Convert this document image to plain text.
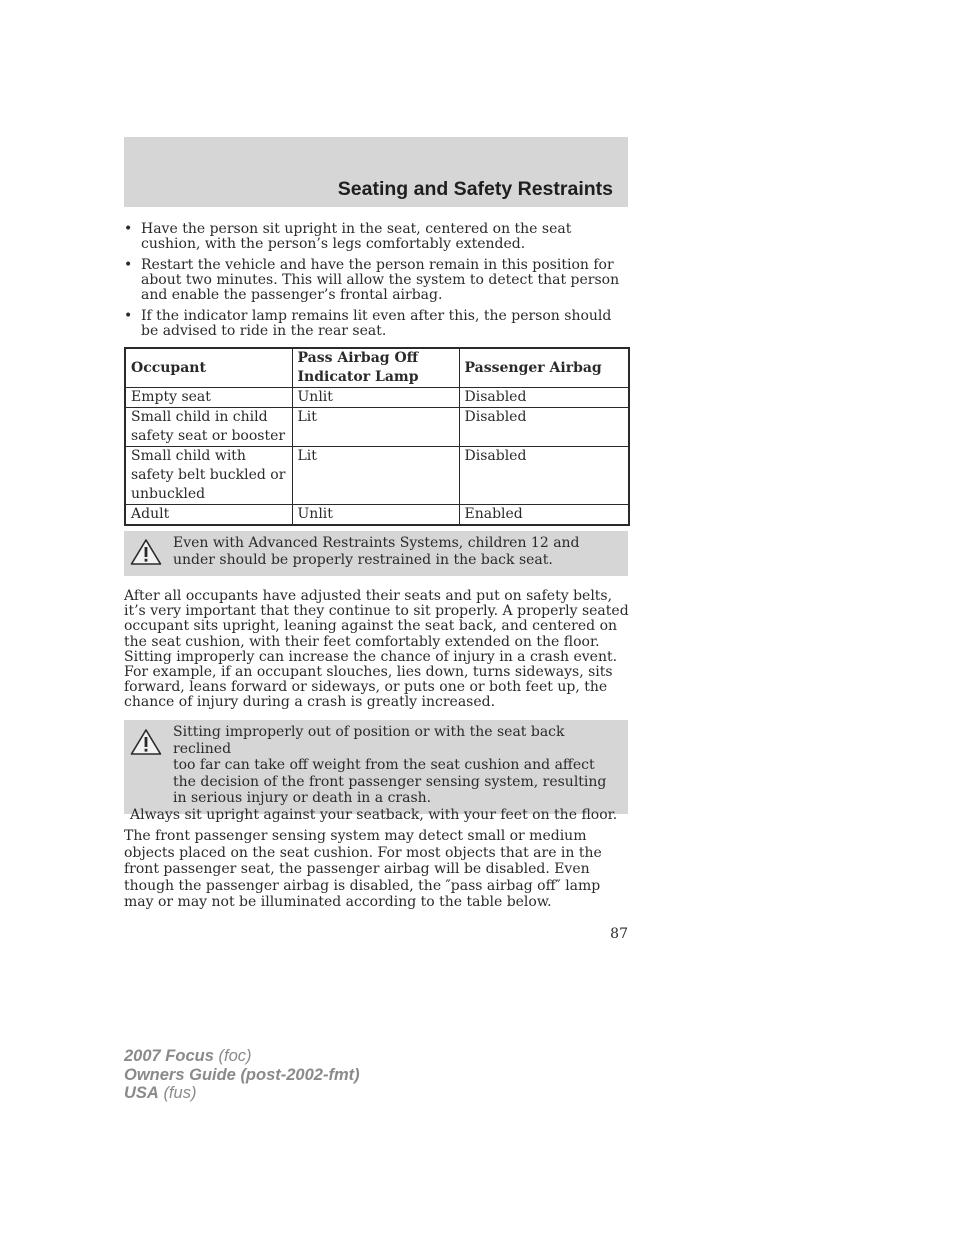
Seating and Safety Restraints
• Have the person sit upright in the seat, centered on the seat cushion, with the person’s legs comfortably extended.
• Restart the vehicle and have the person remain in this position for about two minutes. This will allow the system to detect that person and enable the passenger’s frontal airbag.
• If the indicator lamp remains lit even after this, the person should be advised to ride in the rear seat.
Occupant	Pass Airbag Off Indicator Lamp	Passenger Airbag
Empty seat	Unlit	Disabled
Small child in child safety seat or booster	Lit	Disabled
Small child with safety belt buckled or unbuckled	Lit	Disabled
Adult	Unlit	Enabled
Even with Advanced Restraints Systems, children 12 and under should be properly restrained in the back seat.

After all occupants have adjusted their seats and put on safety belts, it’s very important that they continue to sit properly. A properly seated occupant sits upright, leaning against the seat back, and centered on the seat cushion, with their feet comfortably extended on the floor. Sitting improperly can increase the chance of injury in a crash event. For example, if an occupant slouches, lies down, turns sideways, sits forward, leans forward or sideways, or puts one or both feet up, the chance of injury during a crash is greatly increased.

Sitting improperly out of position or with the seat back reclined
too far can take off weight from the seat cushion and affect the decision of the front passenger sensing system, resulting in serious injury or death in a crash.
Always sit upright against your seatback, with your feet on the floor.

The front passenger sensing system may detect small or medium objects placed on the seat cushion. For most objects that are in the front passenger seat, the passenger airbag will be disabled. Even though the passenger airbag is disabled, the ″pass airbag off″ lamp may or may not be illuminated according to the table below.

87
2007 Focus (foc)
Owners Guide (post-2002-fmt)
USA (fus)
